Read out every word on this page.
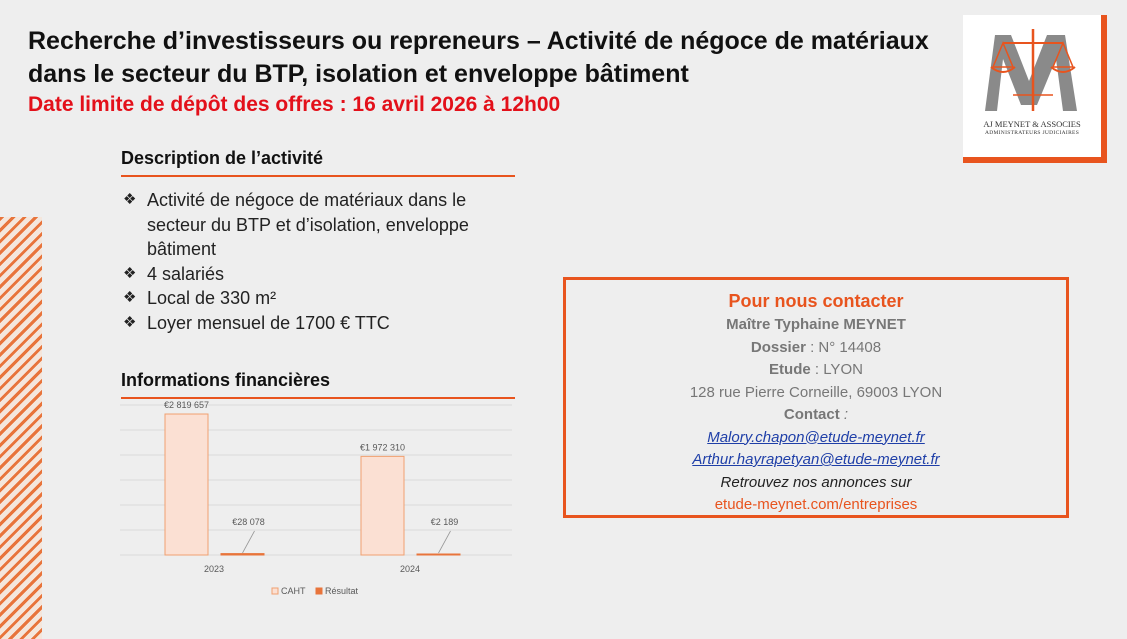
Recherche d’investisseurs ou repreneurs – Activité de négoce de matériaux dans le secteur du BTP, isolation et enveloppe bâtiment
Date limite de dépôt des offres : 16 avril 2026 à 12h00
AJ MEYNET & ASSOCIES
ADMINISTRATEURS JUDICIAIRES
Description de l’activité
❖ Activité de négoce de matériaux dans le secteur du BTP et d’isolation, enveloppe bâtiment
❖ 4 salariés
❖ Local de 330 m²
❖ Loyer mensuel de 1700 € TTC
Informations financières
€2 819 657
€28 078
2023
€1 972 310
€2 189
2024
CAHT Résultat
Pour nous contacter
Maître Typhaine MEYNET
Dossier : N° 14408
Etude : LYON
128 rue Pierre Corneille, 69003 LYON
Contact :
Malory.chapon@etude-meynet.fr
Arthur.hayrapetyan@etude-meynet.fr
Retrouvez nos annonces sur
etude-meynet.com/entreprises
